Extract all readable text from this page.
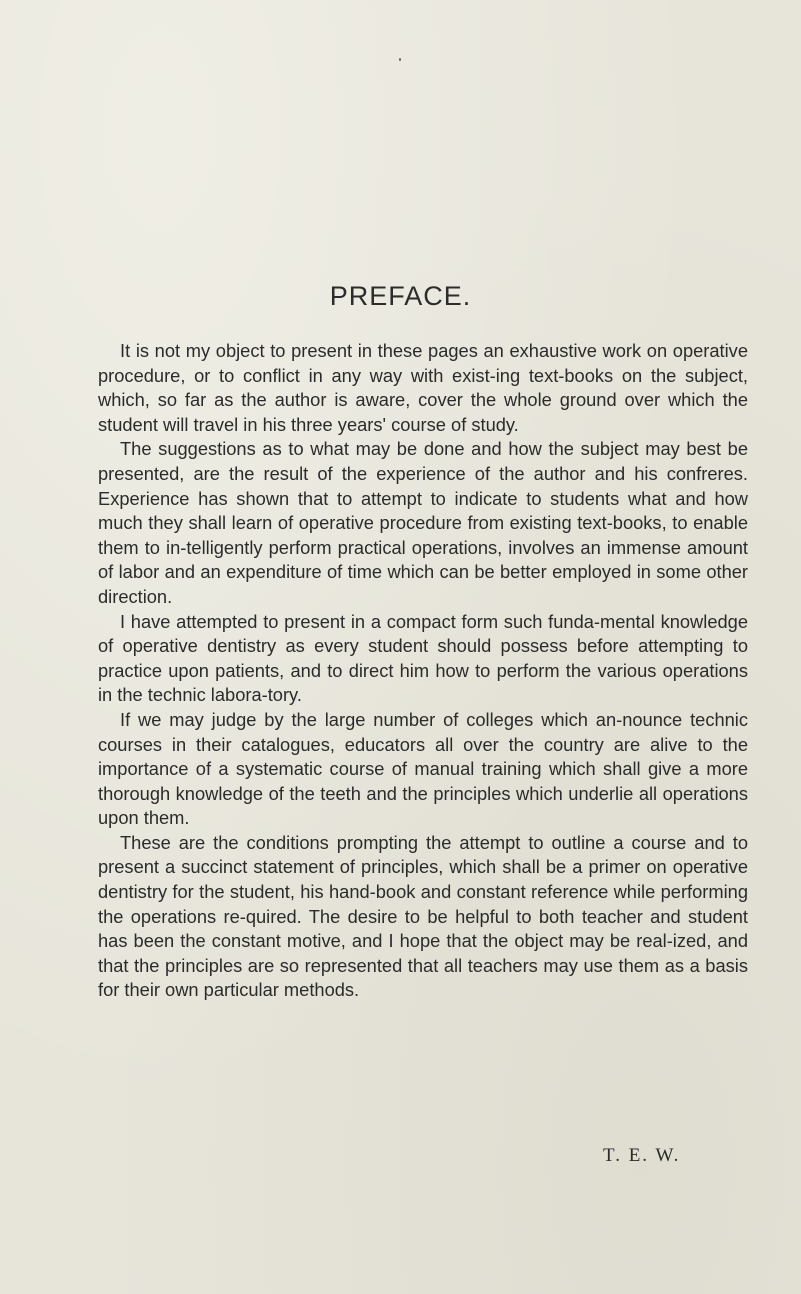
PREFACE.

It is not my object to present in these pages an exhaustive work on operative procedure, or to conflict in any way with exist-ing text-books on the subject, which, so far as the author is aware, cover the whole ground over which the student will travel in his three years' course of study.

The suggestions as to what may be done and how the subject may best be presented, are the result of the experience of the author and his confreres. Experience has shown that to attempt to indicate to students what and how much they shall learn of operative procedure from existing text-books, to enable them to in-telligently perform practical operations, involves an immense amount of labor and an expenditure of time which can be better employed in some other direction.

I have attempted to present in a compact form such funda-mental knowledge of operative dentistry as every student should possess before attempting to practice upon patients, and to direct him how to perform the various operations in the technic labora-tory.

If we may judge by the large number of colleges which an-nounce technic courses in their catalogues, educators all over the country are alive to the importance of a systematic course of manual training which shall give a more thorough knowledge of the teeth and the principles which underlie all operations upon them.

These are the conditions prompting the attempt to outline a course and to present a succinct statement of principles, which shall be a primer on operative dentistry for the student, his hand-book and constant reference while performing the operations re-quired. The desire to be helpful to both teacher and student has been the constant motive, and I hope that the object may be real-ized, and that the principles are so represented that all teachers may use them as a basis for their own particular methods.

T. E. W.
